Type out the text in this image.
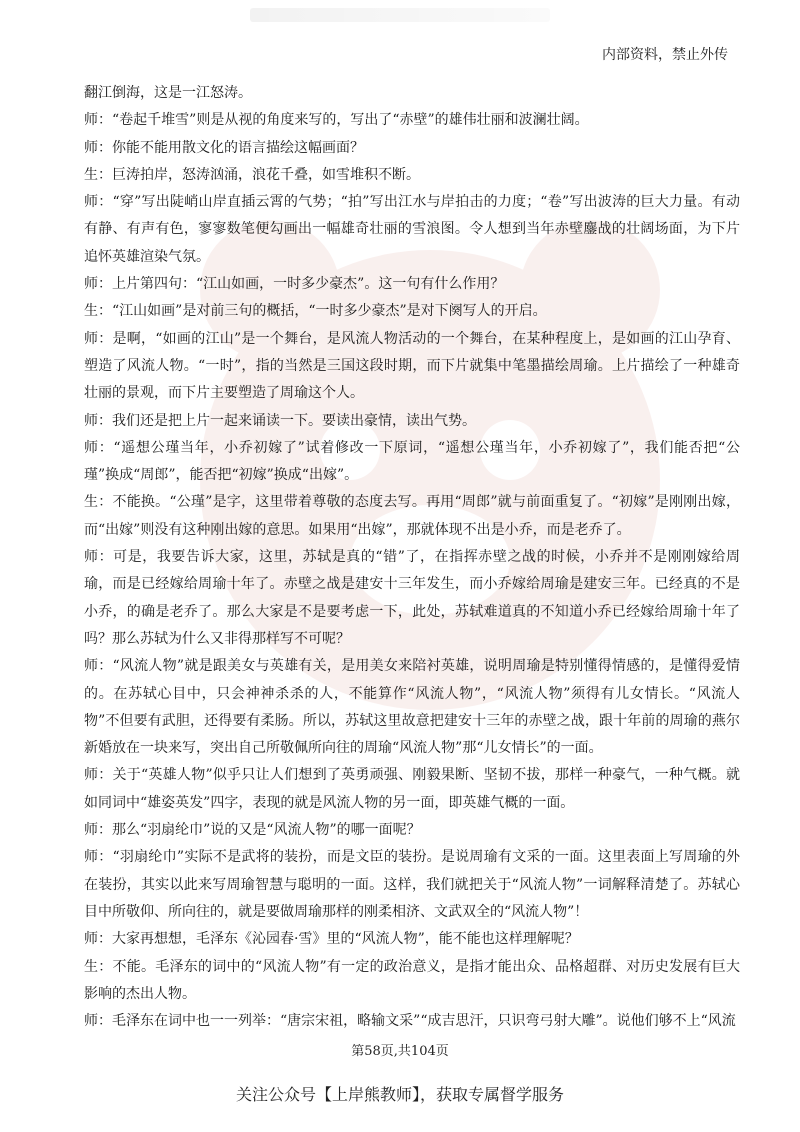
内部资料，禁止外传

翻江倒海，这是一江怒涛。

师：“卷起千堆雪”则是从视的角度来写的，写出了“赤壁”的雄伟壮丽和波澜壮阔。

师：你能不能用散文化的语言描绘这幅画面？

生：巨涛拍岸，怒涛汹涌，浪花千叠，如雪堆积不断。

师：“穿”写出陡峭山岸直插云霄的气势；“拍”写出江水与岸拍击的力度；“卷”写出波涛的巨大力量。有动有静、有声有色，寥寥数笔便勾画出一幅雄奇壮丽的雪浪图。令人想到当年赤壁鏖战的壮阔场面，为下片追怀英雄渲染气氛。

师：上片第四句：“江山如画，一时多少豪杰”。这一句有什么作用？

生：“江山如画”是对前三句的概括，“一时多少豪杰”是对下阕写人的开启。

师：是啊，“如画的江山”是一个舞台，是风流人物活动的一个舞台，在某种程度上，是如画的江山孕育、塑造了风流人物。“一时”，指的当然是三国这段时期，而下片就集中笔墨描绘周瑜。上片描绘了一种雄奇壮丽的景观，而下片主要塑造了周瑜这个人。

师：我们还是把上片一起来诵读一下。要读出豪情，读出气势。

师：“遥想公瑾当年，小乔初嫁了”试着修改一下原词，“遥想公瑾当年，小乔初嫁了”，我们能否把“公瑾”换成“周郎”，能否把“初嫁”换成“出嫁”。

生：不能换。“公瑾”是字，这里带着尊敬的态度去写。再用“周郎”就与前面重复了。“初嫁”是刚刚出嫁，而“出嫁”则没有这种刚出嫁的意思。如果用“出嫁”，那就体现不出是小乔，而是老乔了。

师：可是，我要告诉大家，这里，苏轼是真的“错”了，在指挥赤壁之战的时候，小乔并不是刚刚嫁给周瑜，而是已经嫁给周瑜十年了。赤壁之战是建安十三年发生，而小乔嫁给周瑜是建安三年。已经真的不是小乔，的确是老乔了。那么大家是不是要考虑一下，此处，苏轼难道真的不知道小乔已经嫁给周瑜十年了吗？那么苏轼为什么又非得那样写不可呢？

师：“风流人物”就是跟美女与英雄有关，是用美女来陪衬英雄，说明周瑜是特别懂得情感的，是懂得爱情的。在苏轼心目中，只会神神杀杀的人，不能算作“风流人物”，“风流人物”须得有儿女情长。“风流人物”不但要有武胆，还得要有柔肠。所以，苏轼这里故意把建安十三年的赤壁之战，跟十年前的周瑜的燕尔新婚放在一块来写，突出自己所敬佩所向往的周瑜“风流人物”那“儿女情长”的一面。

师：关于“英雄人物”似乎只让人们想到了英勇顽强、刚毅果断、坚韧不拔，那样一种豪气，一种气概。就如同词中“雄姿英发”四字，表现的就是风流人物的另一面，即英雄气概的一面。

师：那么“羽扇纶巾”说的又是“风流人物”的哪一面呢？

师：“羽扇纶巾”实际不是武将的装扮，而是文臣的装扮。是说周瑜有文采的一面。这里表面上写周瑜的外在装扮，其实以此来写周瑜智慧与聪明的一面。这样，我们就把关于“风流人物”一词解释清楚了。苏轼心目中所敬仰、所向往的，就是要做周瑜那样的刚柔相济、文武双全的“风流人物”！

师：大家再想想，毛泽东《沁园春·雪》里的“风流人物”，能不能也这样理解呢？

生：不能。毛泽东的词中的“风流人物”有一定的政治意义，是指才能出众、品格超群、对历史发展有巨大影响的杰出人物。

师：毛泽东在词中也一一列举：“唐宗宋祖，略输文采”“成吉思汗，只识弯弓射大雕”。说他们够不上“风流

第58页,共104页
关注公众号【上岸熊教师】，获取专属督学服务
